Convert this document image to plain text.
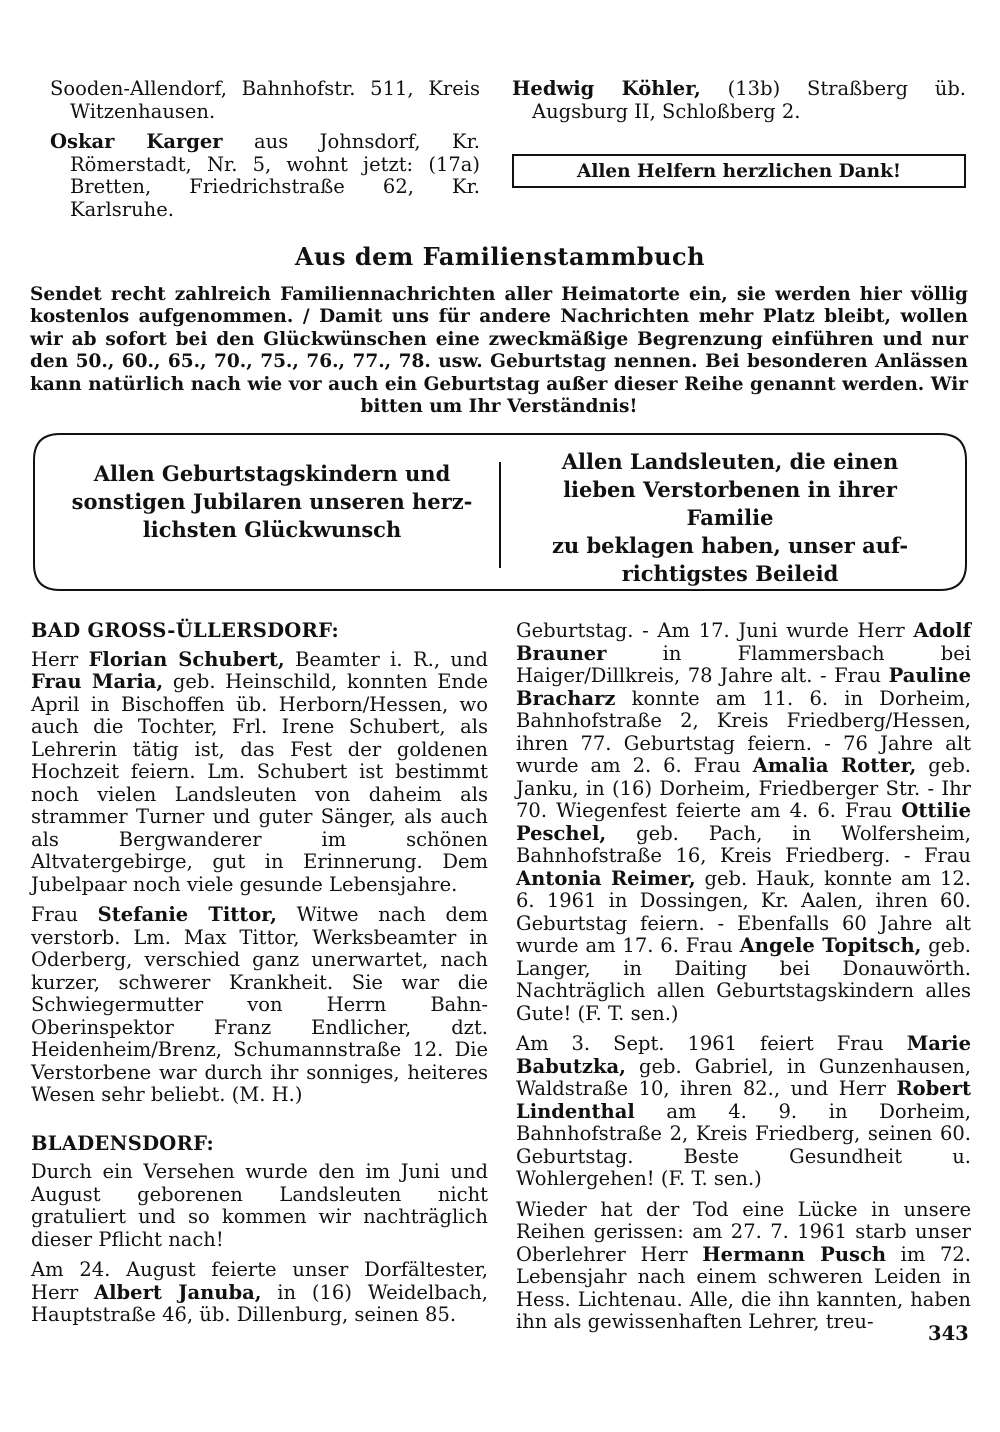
Sooden-Allendorf, Bahnhofstr. 511, Kreis Witzenhausen.

Oskar Karger aus Johnsdorf, Kr. Römerstadt, Nr. 5, wohnt jetzt: (17a) Bretten, Friedrichstraße 62, Kr. Karlsruhe.

Hedwig Köhler, (13b) Straßberg üb. Augsburg II, Schloßberg 2.

Allen Helfern herzlichen Dank!
Aus dem Familienstammbuch
Sendet recht zahlreich Familiennachrichten aller Heimatorte ein, sie werden hier völlig kostenlos aufgenommen. / Damit uns für andere Nachrichten mehr Platz bleibt, wollen wir ab sofort bei den Glückwünschen eine zweckmäßige Begrenzung einführen und nur den 50., 60., 65., 70., 75., 76., 77., 78. usw. Geburtstag nennen. Bei besonderen Anlässen kann natürlich nach wie vor auch ein Geburtstag außer dieser Reihe genannt werden. Wir bitten um Ihr Verständnis!
Allen Geburtstagskindern und
sonstigen Jubilaren unseren herz-
lichsten Glückwunsch
Allen Landsleuten, die einen
lieben Verstorbenen in ihrer Familie
zu beklagen haben, unser auf-
richtigstes Beileid

BAD GROSS-ÜLLERSDORF:

Herr Florian Schubert, Beamter i. R., und Frau Maria, geb. Heinschild, konnten Ende April in Bischoffen üb. Herborn/Hessen, wo auch die Tochter, Frl. Irene Schubert, als Lehrerin tätig ist, das Fest der goldenen Hochzeit feiern. Lm. Schubert ist bestimmt noch vielen Landsleuten von daheim als strammer Turner und guter Sänger, als auch als Bergwanderer im schönen Altvatergebirge, gut in Erinnerung. Dem Jubelpaar noch viele gesunde Lebensjahre.

Frau Stefanie Tittor, Witwe nach dem verstorb. Lm. Max Tittor, Werksbeamter in Oderberg, verschied ganz unerwartet, nach kurzer, schwerer Krankheit. Sie war die Schwiegermutter von Herrn Bahn-Oberinspektor Franz Endlicher, dzt. Heidenheim/Brenz, Schumannstraße 12. Die Verstorbene war durch ihr sonniges, heiteres Wesen sehr beliebt. (M. H.)

BLADENSDORF:

Durch ein Versehen wurde den im Juni und August geborenen Landsleuten nicht gratuliert und so kommen wir nachträglich dieser Pflicht nach!

Am 24. August feierte unser Dorfältester, Herr Albert Januba, in (16) Weidelbach, Hauptstraße 46, üb. Dillenburg, seinen 85.

Geburtstag. - Am 17. Juni wurde Herr Adolf Brauner in Flammersbach bei Haiger/Dillkreis, 78 Jahre alt. - Frau Pauline Bracharz konnte am 11. 6. in Dorheim, Bahnhofstraße 2, Kreis Friedberg/Hessen, ihren 77. Geburtstag feiern. - 76 Jahre alt wurde am 2. 6. Frau Amalia Rotter, geb. Janku, in (16) Dorheim, Friedberger Str. - Ihr 70. Wiegenfest feierte am 4. 6. Frau Ottilie Peschel, geb. Pach, in Wolfersheim, Bahnhofstraße 16, Kreis Friedberg. - Frau Antonia Reimer, geb. Hauk, konnte am 12. 6. 1961 in Dossingen, Kr. Aalen, ihren 60. Geburtstag feiern. - Ebenfalls 60 Jahre alt wurde am 17. 6. Frau Angele Topitsch, geb. Langer, in Daiting bei Donauwörth. Nachträglich allen Geburtstagskindern alles Gute! (F. T. sen.)

Am 3. Sept. 1961 feiert Frau Marie Babutzka, geb. Gabriel, in Gunzenhausen, Waldstraße 10, ihren 82., und Herr Robert Lindenthal am 4. 9. in Dorheim, Bahnhofstraße 2, Kreis Friedberg, seinen 60. Geburtstag. Beste Gesundheit u. Wohlergehen! (F. T. sen.)

Wieder hat der Tod eine Lücke in unsere Reihen gerissen: am 27. 7. 1961 starb unser Oberlehrer Herr Hermann Pusch im 72. Lebensjahr nach einem schweren Leiden in Hess. Lichtenau. Alle, die ihn kannten, haben ihn als gewissenhaften Lehrer, treu-

343
